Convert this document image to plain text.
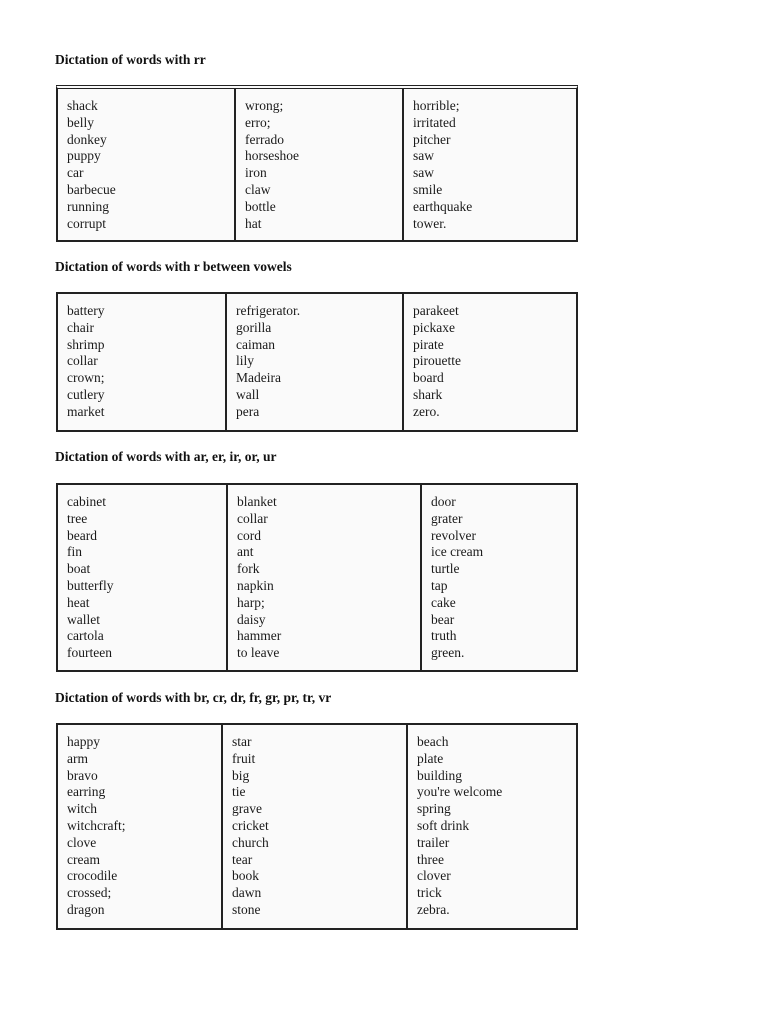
Dictation of words with rr
shack
belly
donkey
puppy
car
barbecue
running
corrupt
wrong;
erro;
ferrado
horseshoe
iron
claw
bottle
hat
horrible;
irritated
pitcher
saw
saw
smile
earthquake
tower.
Dictation of words with r between vowels
battery
chair
shrimp
collar
crown;
cutlery
market
refrigerator.
gorilla
caiman
lily
Madeira
wall
pera
parakeet
pickaxe
pirate
pirouette
board
shark
zero.
Dictation of words with ar, er, ir, or, ur
cabinet
tree
beard
fin
boat
butterfly
heat
wallet
cartola
fourteen
blanket
collar
cord
ant
fork
napkin
harp;
daisy
hammer
to leave
door
grater
revolver
ice cream
turtle
tap
cake
bear
truth
green.
Dictation of words with br, cr, dr, fr, gr, pr, tr, vr
happy
arm
bravo
earring
witch
witchcraft;
clove
cream
crocodile
crossed;
dragon
star
fruit
big
tie
grave
cricket
church
tear
book
dawn
stone
beach
plate
building
you're welcome
spring
soft drink
trailer
three
clover
trick
zebra.
